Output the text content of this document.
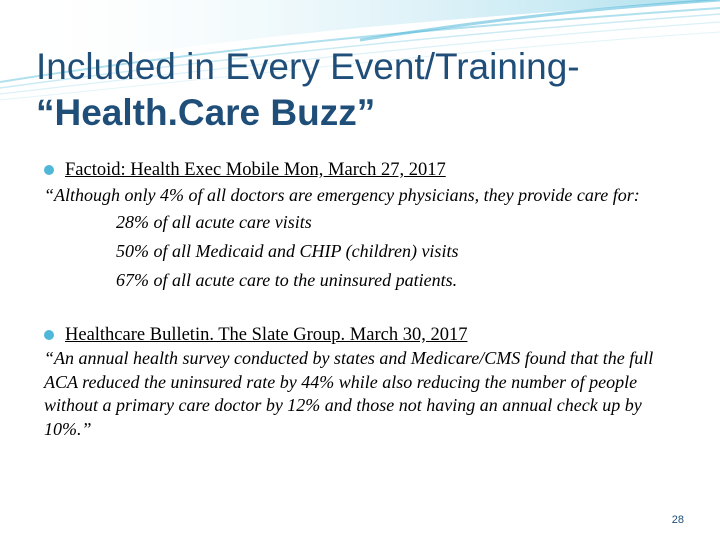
Included in Every Event/Training-
“Health.Care Buzz”
Factoid: Health Exec Mobile Mon, March 27, 2017
“Although only 4% of all doctors are emergency physicians, they provide care for:
28% of all acute care visits
50% of all Medicaid and CHIP (children) visits
67% of all acute care to the uninsured patients.
Healthcare Bulletin. The Slate Group. March 30, 2017
“An annual health survey conducted by states and Medicare/CMS found that the full ACA reduced the uninsured rate by 44% while also reducing the number of people without a primary care doctor by 12% and those not having an annual check up by 10%.”
28
